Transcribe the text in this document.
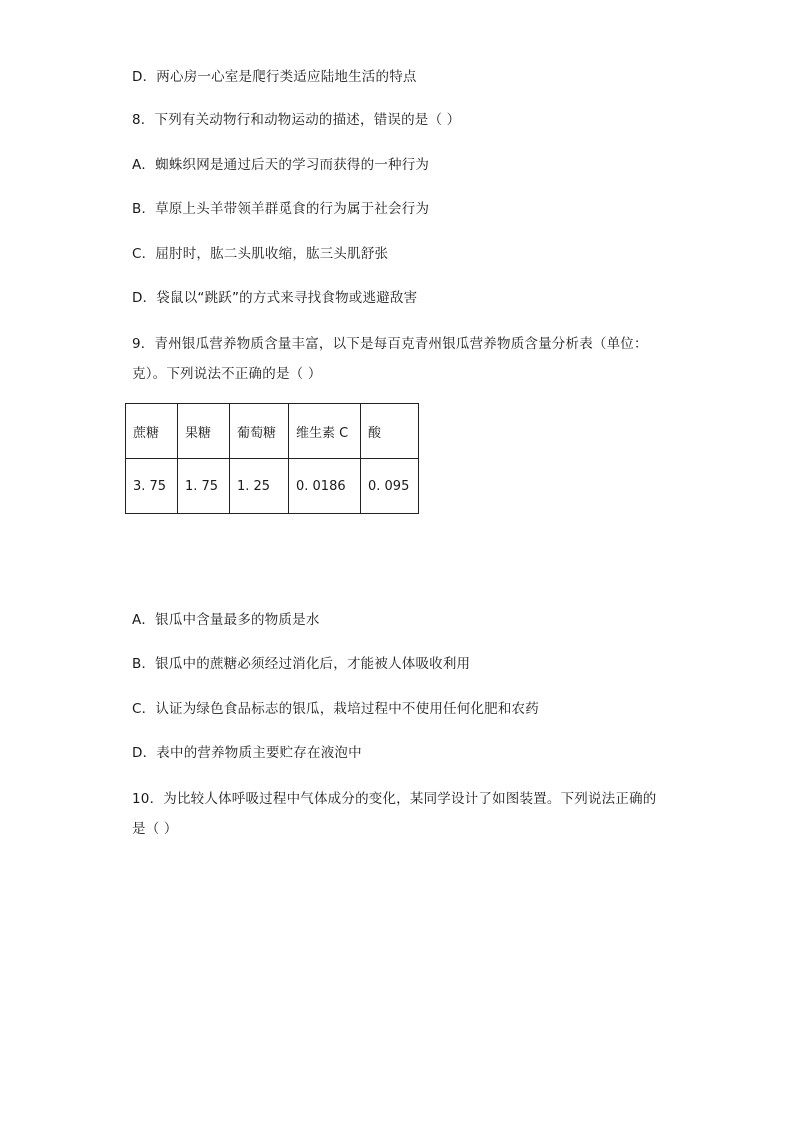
D．两心房一心室是爬行类适应陆地生活的特点
8．下列有关动物行和动物运动的描述，错误的是（ ）
A．蜘蛛织网是通过后天的学习而获得的一种行为
B．草原上头羊带领羊群觅食的行为属于社会行为
C．屈肘时，肱二头肌收缩，肱三头肌舒张
D．袋鼠以“跳跃”的方式来寻找食物或逃避敌害
9．青州银瓜营养物质含量丰富，以下是每百克青州银瓜营养物质含量分析表（单位：
克）。下列说法不正确的是（ ）
蔗糖	果糖	葡萄糖	维生素 C	酸
3. 75	1. 75	1. 25	0. 0186	0. 095
A．银瓜中含量最多的物质是水
B．银瓜中的蔗糖必须经过消化后，才能被人体吸收利用
C．认证为绿色食品标志的银瓜，栽培过程中不使用任何化肥和农药
D．表中的营养物质主要贮存在液泡中
10．为比较人体呼吸过程中气体成分的变化，某同学设计了如图装置。下列说法正确的
是（ ）
